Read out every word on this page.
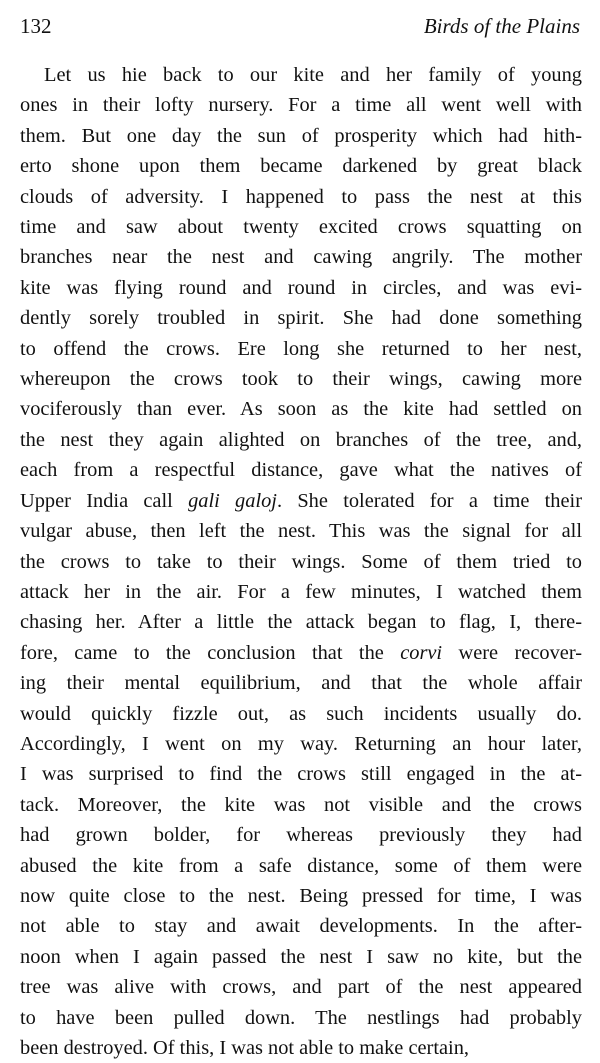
132	Birds of the Plains
Let us hie back to our kite and her family of young
ones in their lofty nursery. For a time all went well with
them. But one day the sun of prosperity which had hith-
erto shone upon them became darkened by great black
clouds of adversity. I happened to pass the nest at this
time and saw about twenty excited crows squatting on
branches near the nest and cawing angrily. The mother
kite was flying round and round in circles, and was evi-
dently sorely troubled in spirit. She had done something
to offend the crows. Ere long she returned to her nest,
whereupon the crows took to their wings, cawing more
vociferously than ever. As soon as the kite had settled on
the nest they again alighted on branches of the tree, and,
each from a respectful distance, gave what the natives of
Upper India call gali galoj. She tolerated for a time their
vulgar abuse, then left the nest. This was the signal for all
the crows to take to their wings. Some of them tried to
attack her in the air. For a few minutes, I watched them
chasing her. After a little the attack began to flag, I, there-
fore, came to the conclusion that the corvi were recover-
ing their mental equilibrium, and that the whole affair
would quickly fizzle out, as such incidents usually do.
Accordingly, I went on my way. Returning an hour later,
I was surprised to find the crows still engaged in the at-
tack. Moreover, the kite was not visible and the crows
had grown bolder, for whereas previously they had
abused the kite from a safe distance, some of them were
now quite close to the nest. Being pressed for time, I was
not able to stay and await developments. In the after-
noon when I again passed the nest I saw no kite, but the
tree was alive with crows, and part of the nest appeared
to have been pulled down. The nestlings had probably
been destroyed. Of this, I was not able to make certain,
